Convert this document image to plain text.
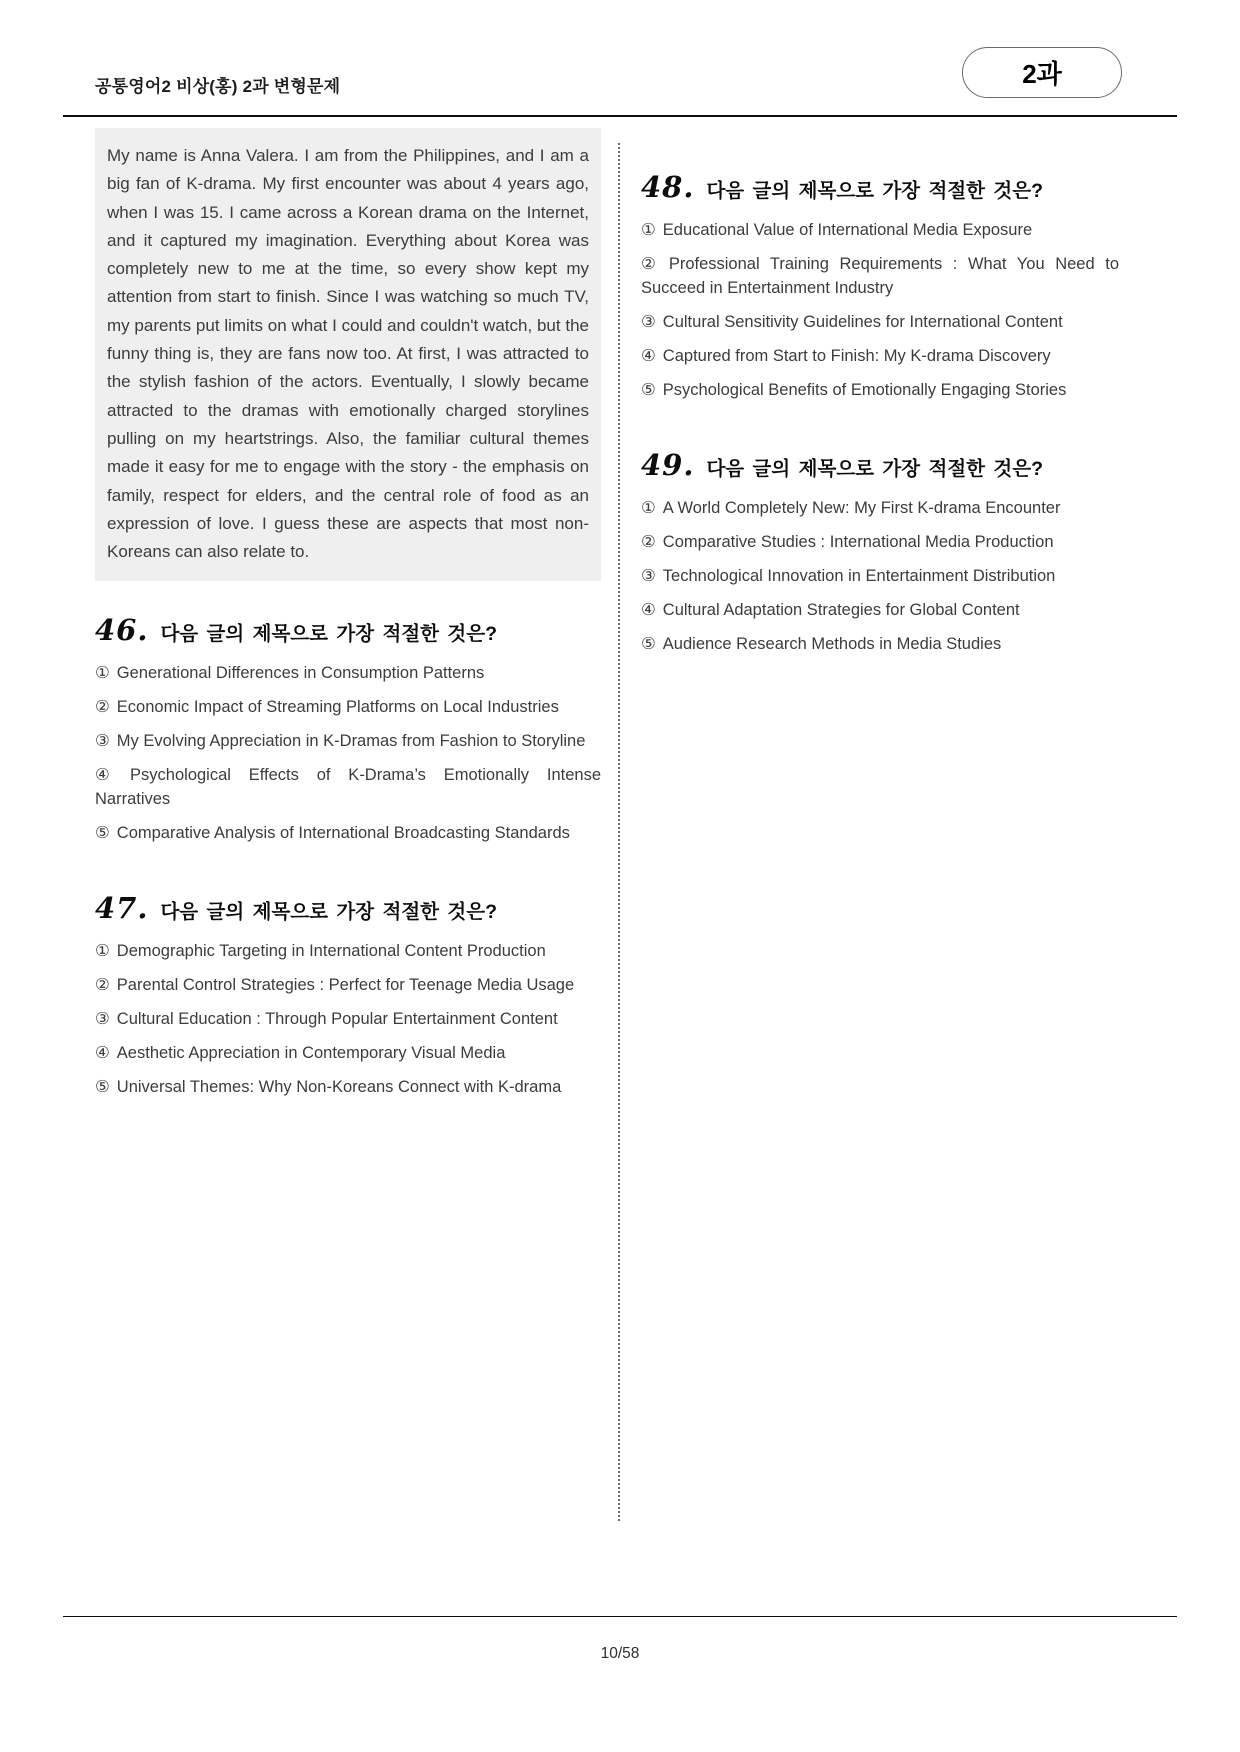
공통영어2 비상(홍) 2과 변형문제	2과
My name is Anna Valera. I am from the Philippines, and I am a big fan of K-drama. My first encounter was about 4 years ago, when I was 15. I came across a Korean drama on the Internet, and it captured my imagination. Everything about Korea was completely new to me at the time, so every show kept my attention from start to finish. Since I was watching so much TV, my parents put limits on what I could and couldn't watch, but the funny thing is, they are fans now too. At first, I was attracted to the stylish fashion of the actors. Eventually, I slowly became attracted to the dramas with emotionally charged storylines pulling on my heartstrings. Also, the familiar cultural themes made it easy for me to engage with the story - the emphasis on family, respect for elders, and the central role of food as an expression of love. I guess these are aspects that most non-Koreans can also relate to.
46. 다음 글의 제목으로 가장 적절한 것은?

① Generational Differences in Consumption Patterns

② Economic Impact of Streaming Platforms on Local Industries

③ My Evolving Appreciation in K-Dramas from Fashion to Storyline

④ Psychological Effects of K-Drama’s Emotionally Intense Narratives

⑤ Comparative Analysis of International Broadcasting Standards

47. 다음 글의 제목으로 가장 적절한 것은?

① Demographic Targeting in International Content Production

② Parental Control Strategies : Perfect for Teenage Media Usage

③ Cultural Education : Through Popular Entertainment Content

④ Aesthetic Appreciation in Contemporary Visual Media

⑤ Universal Themes: Why Non-Koreans Connect with K-drama

48. 다음 글의 제목으로 가장 적절한 것은?

① Educational Value of International Media Exposure

② Professional Training Requirements : What You Need to Succeed in Entertainment Industry

③ Cultural Sensitivity Guidelines for International Content

④ Captured from Start to Finish: My K-drama Discovery

⑤ Psychological Benefits of Emotionally Engaging Stories

49. 다음 글의 제목으로 가장 적절한 것은?

① A World Completely New: My First K-drama Encounter

② Comparative Studies : International Media Production

③ Technological Innovation in Entertainment Distribution

④ Cultural Adaptation Strategies for Global Content

⑤ Audience Research Methods in Media Studies

10/58
